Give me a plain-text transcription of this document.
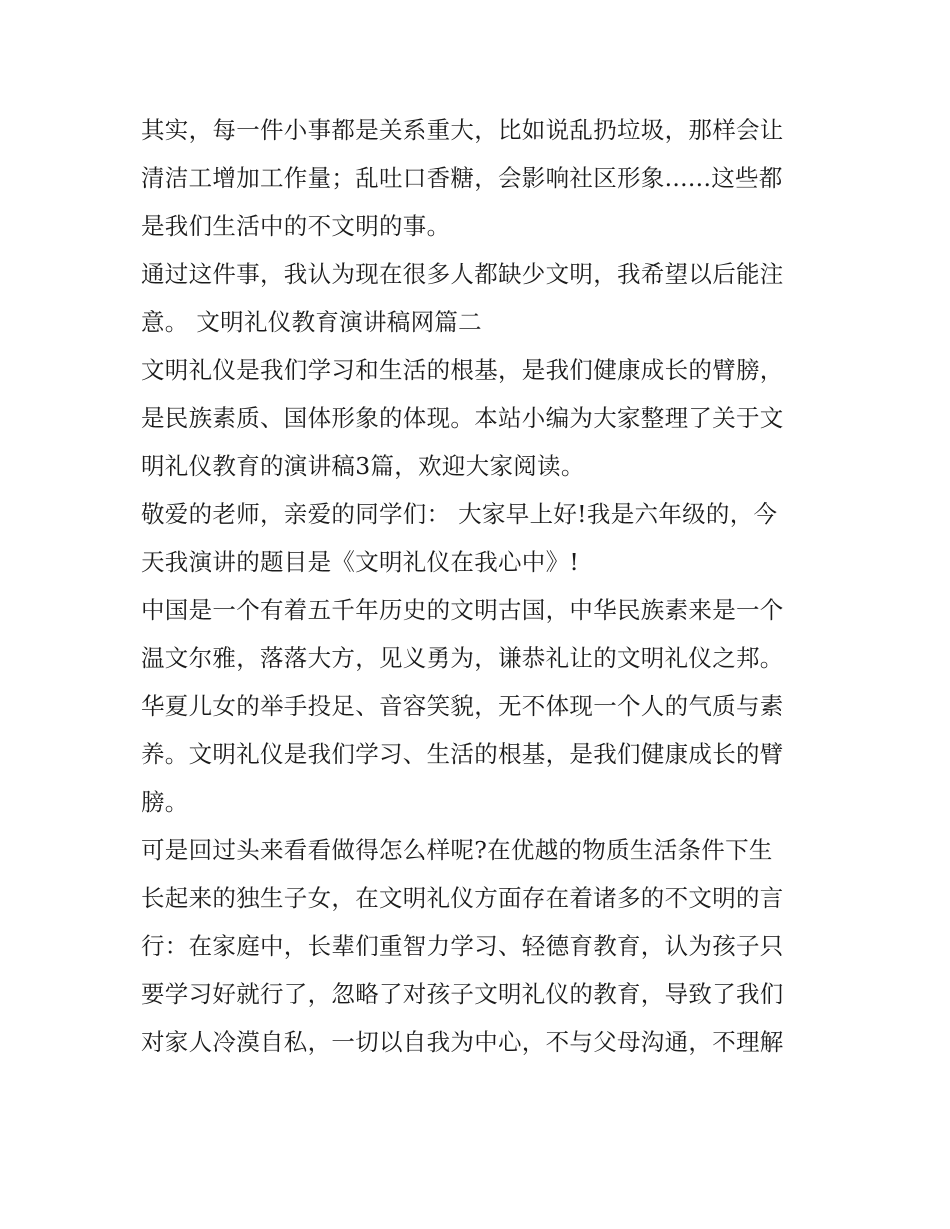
其实，每一件小事都是关系重大，比如说乱扔垃圾，那样会让
清洁工增加工作量；乱吐口香糖，会影响社区形象......这些都
是我们生活中的不文明的事。
通过这件事，我认为现在很多人都缺少文明，我希望以后能注
意。 文明礼仪教育演讲稿网篇二
文明礼仪是我们学习和生活的根基，是我们健康成长的臂膀，
是民族素质、国体形象的体现。本站小编为大家整理了关于文
明礼仪教育的演讲稿3篇，欢迎大家阅读。
敬爱的老师，亲爱的同学们： 大家早上好!我是六年级的，今
天我演讲的题目是《文明礼仪在我心中》!
中国是一个有着五千年历史的文明古国，中华民族素来是一个
温文尔雅，落落大方，见义勇为，谦恭礼让的文明礼仪之邦。
华夏儿女的举手投足、音容笑貌，无不体现一个人的气质与素
养。文明礼仪是我们学习、生活的根基，是我们健康成长的臂
膀。
可是回过头来看看做得怎么样呢?在优越的物质生活条件下生
长起来的独生子女，在文明礼仪方面存在着诸多的不文明的言
行：在家庭中，长辈们重智力学习、轻德育教育，认为孩子只
要学习好就行了，忽略了对孩子文明礼仪的教育，导致了我们
对家人冷漠自私，一切以自我为中心，不与父母沟通，不理解
